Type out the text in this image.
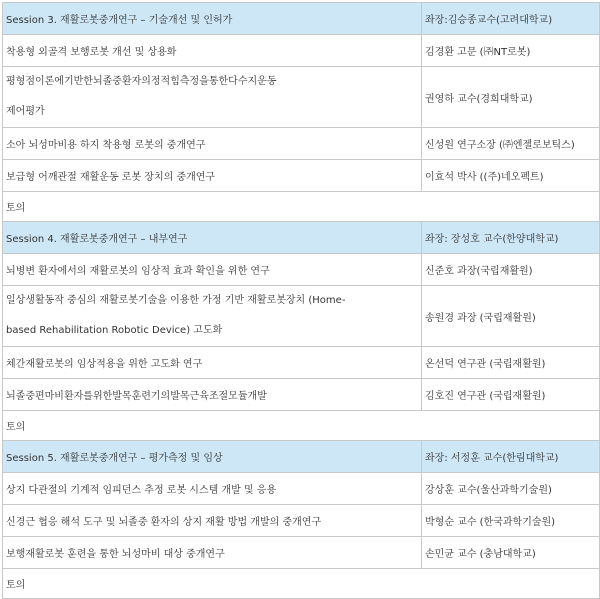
Session 3. 재활로봇중개연구 – 기술개선 및 인허가	좌장:김승종교수(고려대학교)
착용형 외골격 보행로봇 개선 및 상용화	김경환 고문 (㈜NT로봇)

평형점이론에기반한뇌졸중환자의정적힘측정을통한다수지운동
제어평가	권영하 교수(경희대학교)
소아 뇌성마비용 하지 착용형 로봇의 중개연구	신성원 연구소장 (㈜엔젤로보틱스)
보급형 어깨관절 재활운동 로봇 장치의 중개연구	이효석 박사 ((주)네오펙트)
토의	
Session 4. 재활로봇중개연구 – 내부연구	좌장: 장성호 교수(한양대학교)
뇌병변 환자에서의 재활로봇의 임상적 효과 확인을 위한 연구	신준호 과장(국립재활원)

일상생활동작 중심의 재활로봇기술을 이용한 가정 기반 재활로봇장치 (Home-
based Rehabilitation Robotic Device) 고도화	송원경 과장 (국립재활원)
체간재활로봇의 임상적용을 위한 고도화 연구	온선덕 연구관 (국립재활원)
뇌졸중편마비환자를위한발목훈련기의발목근육조절모듈개발	김호진 연구관 (국립재활원)
토의	
Session 5. 재활로봇중개연구 – 평가측정 및 임상	좌장: 서정훈 교수(한림대학교)
상지 다관절의 기계적 임피던스 추정 로봇 시스템 개발 및 응용	강상훈 교수(울산과학기술원)
신경근 협응 해석 도구 및 뇌졸중 환자의 상지 재활 방법 개발의 중개연구	박형순 교수 (한국과학기술원)
보행재활로봇 훈련을 통한 뇌성마비 대상 중개연구	손민균 교수 (충남대학교)
토의	
